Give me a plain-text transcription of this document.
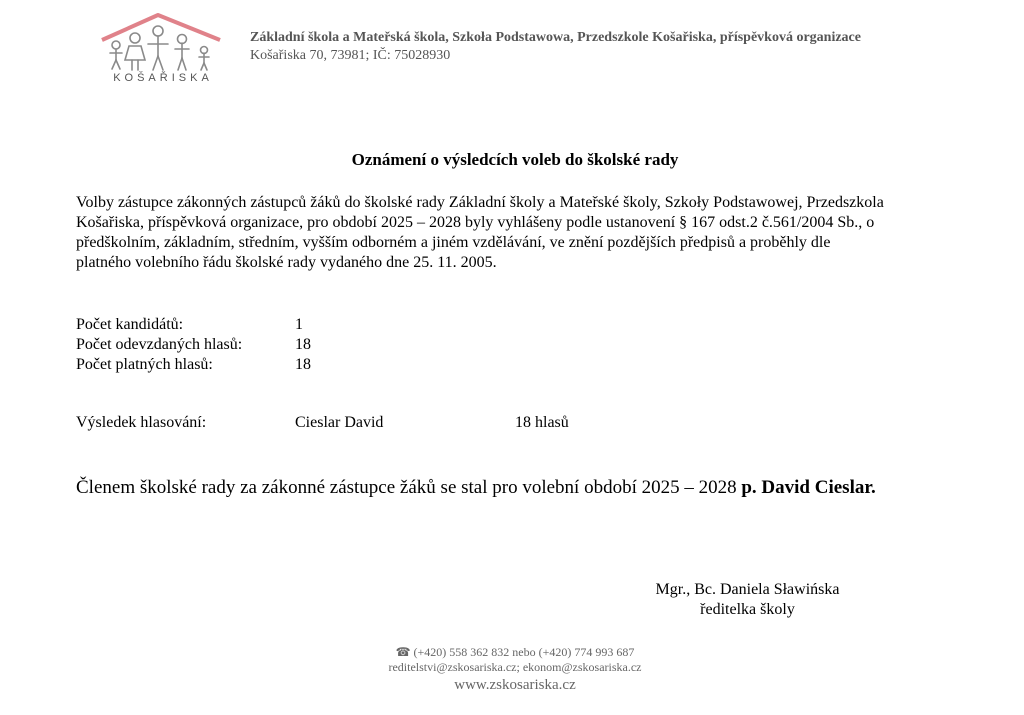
KOŠAŘISKA
Základní škola a Mateřská škola, Szkoła Podstawowa, Przedszkole Košařiska, příspěvková organizace
Košařiska 70, 73981; IČ: 75028930
Oznámení o výsledcích voleb do školské rady
Volby zástupce zákonných zástupců žáků do školské rady Základní školy a Mateřské školy, Szkoły Podstawowej, Przedszkola
Košařiska, příspěvková organizace, pro období 2025 – 2028 byly vyhlášeny podle ustanovení § 167 odst.2 č.561/2004 Sb., o
předškolním, základním, středním, vyšším odborném a jiném vzdělávání, ve znění pozdějších předpisů a proběhly dle
platného volebního řádu školské rady vydaného dne 25. 11. 2005.
Počet kandidátů:	1
Počet odevzdaných hlasů:	18
Počet platných hlasů:	18
Výsledek hlasování:	Cieslar David	18 hlasů
Členem školské rady za zákonné zástupce žáků se stal pro volební období 2025 – 2028 p. David Cieslar.
Mgr., Bc. Daniela Sławińska
ředitelka školy
☎ (+420) 558 362 832 nebo (+420) 774 993 687
reditelstvi@zskosariska.cz; ekonom@zskosariska.cz
www.zskosariska.cz
